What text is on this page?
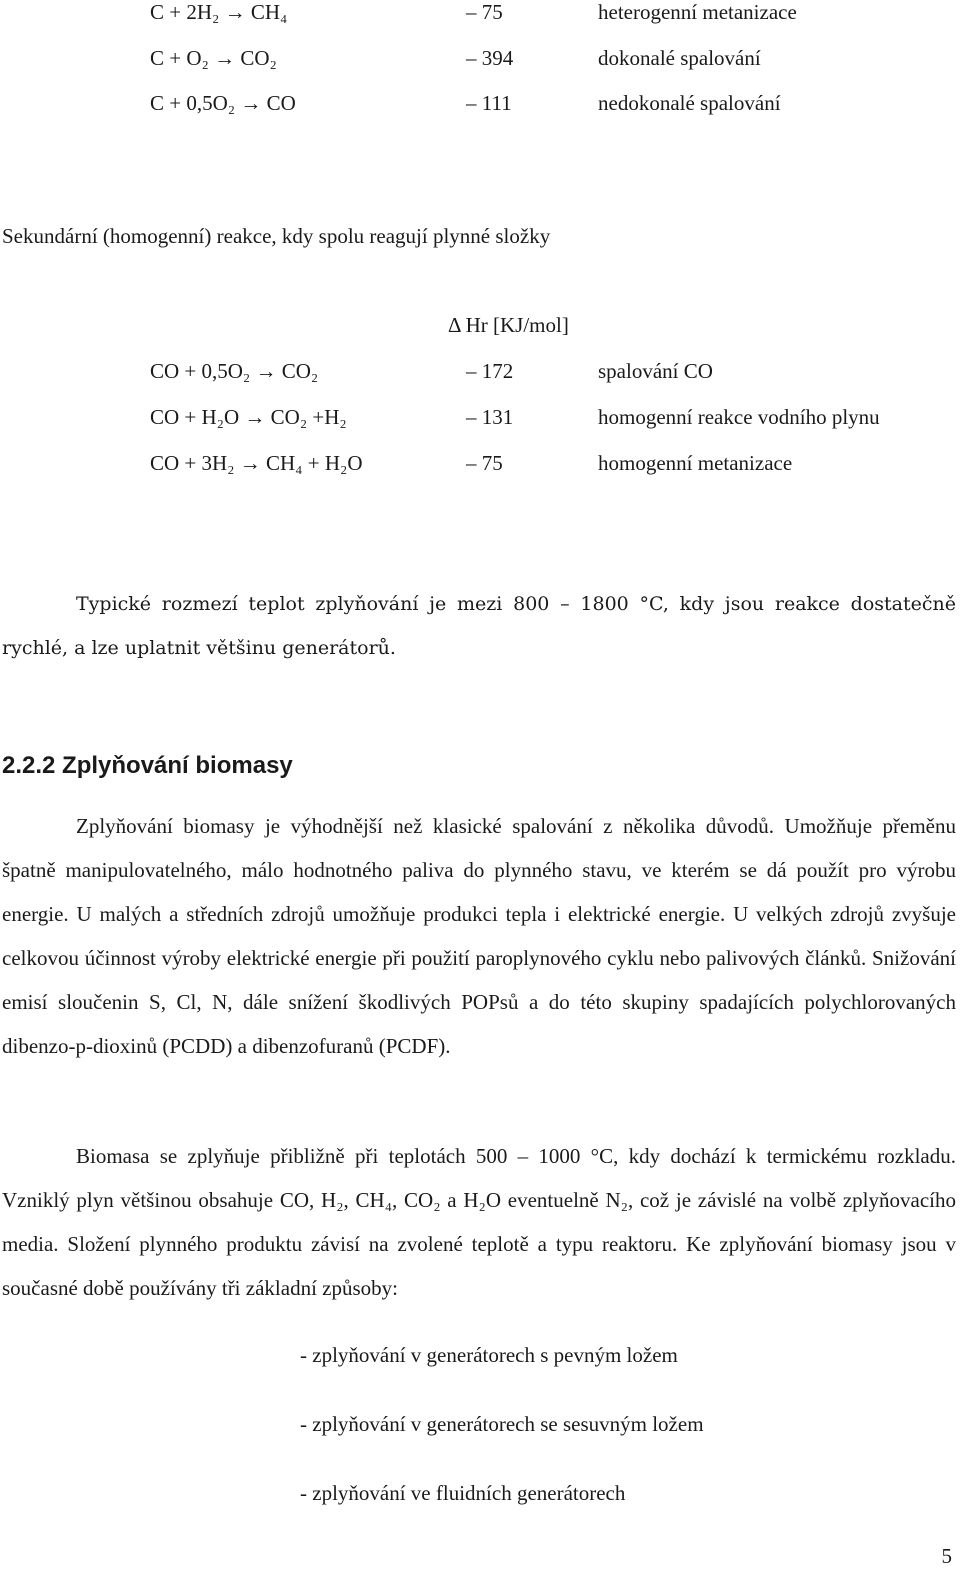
C + 2H₂ → CH₄	– 75	heterogenní metanizace
C + O₂ → CO₂	– 394	dokonalé spalování
C + 0,5O₂ → CO	– 111	nedokonalé spalování
Sekundární (homogenní) reakce, kdy spolu reagují plynné složky
Δ Hr [KJ/mol]
CO + 0,5O₂ → CO₂	– 172	spalování CO
CO + H₂O → CO₂ +H₂	– 131	homogenní reakce vodního plynu
CO + 3H₂ → CH₄ + H₂O	– 75	homogenní metanizace
Typické rozmezí teplot zplyňování je mezi 800 – 1800 °C, kdy jsou reakce dostatečně rychlé, a lze uplatnit většinu generátorů.
2.2.2 Zplyňování biomasy
Zplyňování biomasy je výhodnější než klasické spalování z několika důvodů. Umožňuje přeměnu špatně manipulovatelného, málo hodnotného paliva do plynného stavu, ve kterém se dá použít pro výrobu energie. U malých a středních zdrojů umožňuje produkci tepla i elektrické energie. U velkých zdrojů zvyšuje celkovou účinnost výroby elektrické energie při použití paroplynového cyklu nebo palivových článků. Snižování emisí sloučenin S, Cl, N, dále snížení škodlivých POPsů a do této skupiny spadajících polychlorovaných dibenzo-p-dioxinů (PCDD) a dibenzofuranů (PCDF).
Biomasa se zplyňuje přibližně při teplotách 500 – 1000 °C, kdy dochází k termickému rozkladu. Vzniklý plyn většinou obsahuje CO, H₂, CH₄, CO₂ a H₂O eventuelně N₂, což je závislé na volbě zplyňovacího media. Složení plynného produktu závisí na zvolené teplotě a typu reaktoru. Ke zplyňování biomasy jsou v současné době používány tři základní způsoby:
- zplyňování v generátorech s pevným ložem
- zplyňování v generátorech se sesuvným ložem
- zplyňování ve fluidních generátorech
5
